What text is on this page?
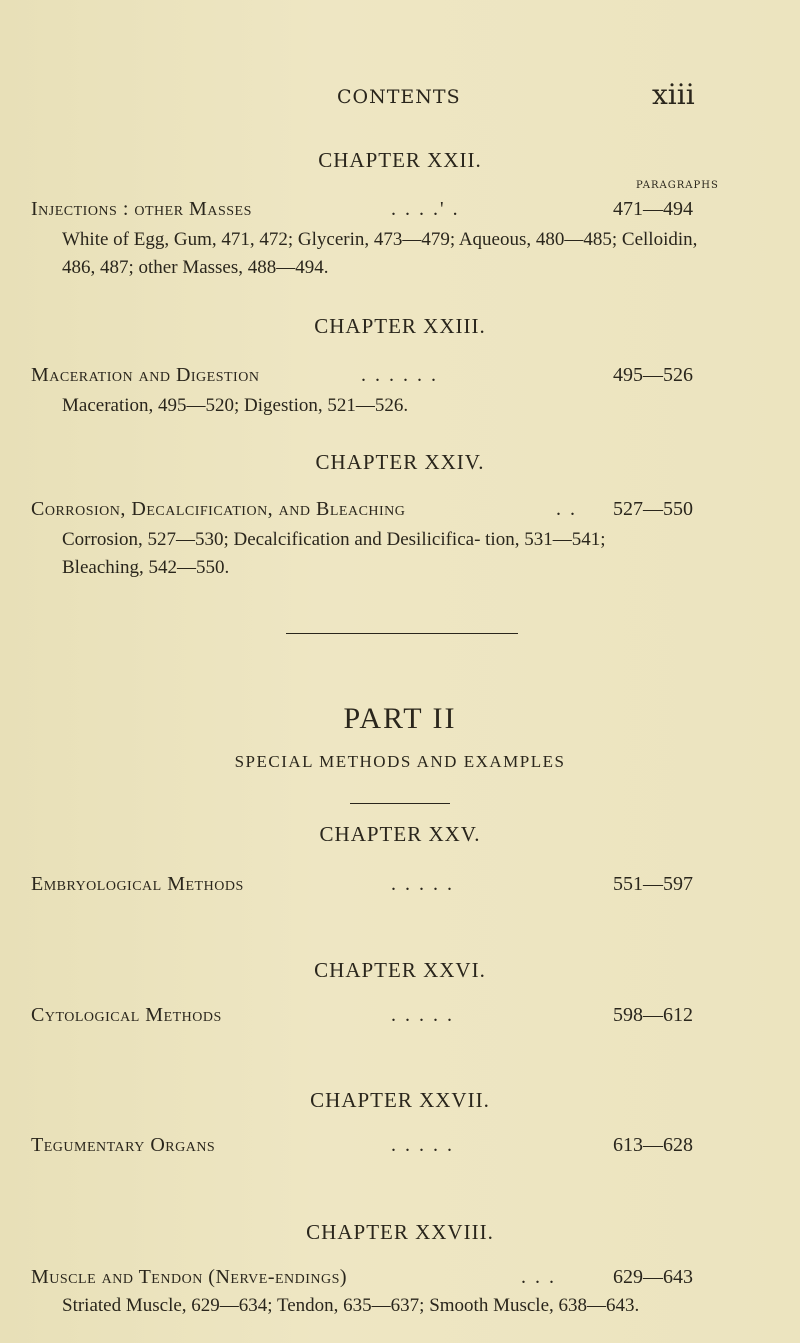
CONTENTS	xiii
CHAPTER XXII.
PARAGRAPHS
Injections : other Masses	. . . .' .	471—494
White of Egg, Gum, 471, 472; Glycerin, 473—479; Aqueous, 480—485; Celloidin, 486, 487; other Masses, 488—494.
CHAPTER XXIII.
Maceration and Digestion	. . . . . .	495—526
Maceration, 495—520; Digestion, 521—526.
CHAPTER XXIV.
Corrosion, Decalcification, and Bleaching	. . 527—550
Corrosion, 527—530; Decalcification and Desilicifica- tion, 531—541; Bleaching, 542—550.
PART II
SPECIAL METHODS AND EXAMPLES
CHAPTER XXV.
Embryological Methods	. . . . .	551—597
CHAPTER XXVI.
Cytological Methods	. . . . .	598—612
CHAPTER XXVII.
Tegumentary Organs	. . . . .	613—628
CHAPTER XXVIII.
Muscle and Tendon (Nerve-endings)	. . .	629—643
Striated Muscle, 629—634; Tendon, 635—637; Smooth Muscle, 638—643.
